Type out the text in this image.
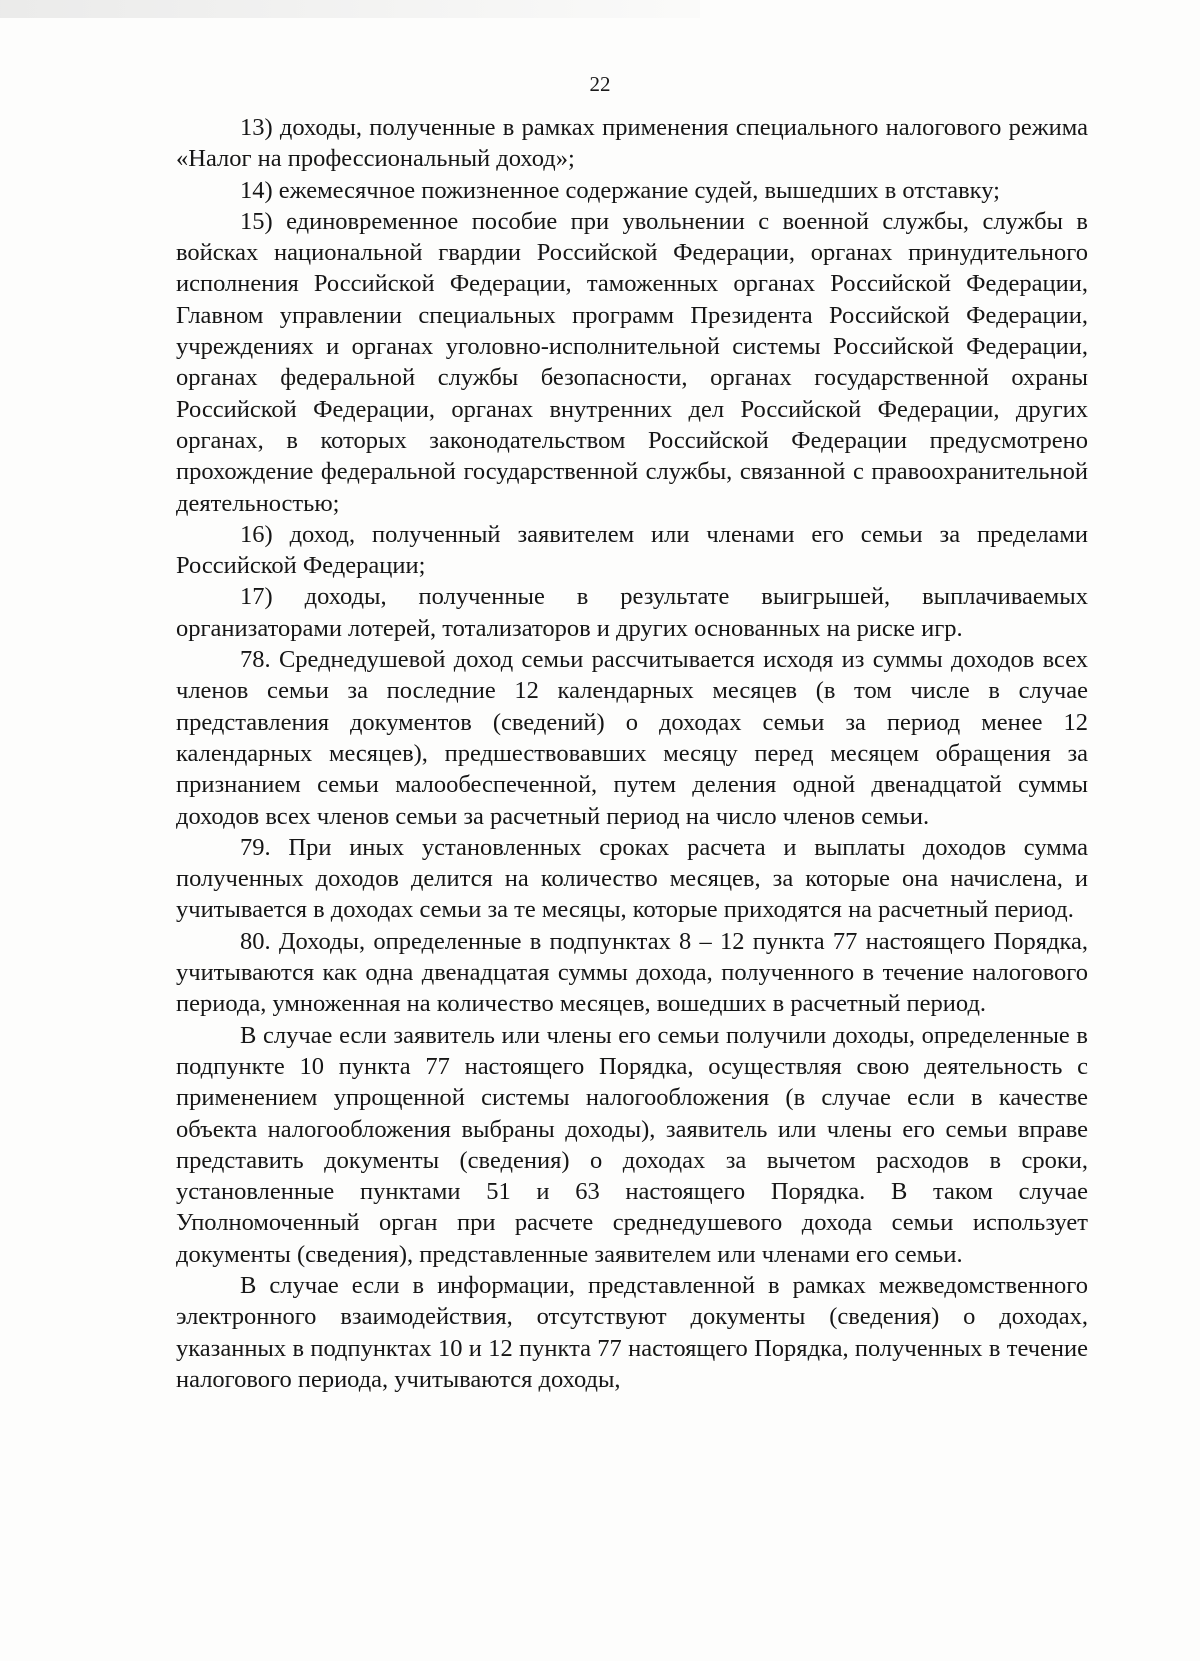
22

13) доходы, полученные в рамках применения специального налогового режима «Налог на профессиональный доход»;

14) ежемесячное пожизненное содержание судей, вышедших в отставку;

15) единовременное пособие при увольнении с военной службы, службы в войсках национальной гвардии Российской Федерации, органах принудительного исполнения Российской Федерации, таможенных органах Российской Федерации, Главном управлении специальных программ Президента Российской Федерации, учреждениях и органах уголовно-исполнительной системы Российской Федерации, органах федеральной службы безопасности, органах государственной охраны Российской Федерации, органах внутренних дел Российской Федерации, других органах, в которых законодательством Российской Федерации предусмотрено прохождение федеральной государственной службы, связанной с правоохранительной деятельностью;

16) доход, полученный заявителем или членами его семьи за пределами Российской Федерации;

17) доходы, полученные в результате выигрышей, выплачиваемых организаторами лотерей, тотализаторов и других основанных на риске игр.

78. Среднедушевой доход семьи рассчитывается исходя из суммы доходов всех членов семьи за последние 12 календарных месяцев (в том числе в случае представления документов (сведений) о доходах семьи за период менее 12 календарных месяцев), предшествовавших месяцу перед месяцем обращения за признанием семьи малообеспеченной, путем деления одной двенадцатой суммы доходов всех членов семьи за расчетный период на число членов семьи.

79. При иных установленных сроках расчета и выплаты доходов сумма полученных доходов делится на количество месяцев, за которые она начислена, и учитывается в доходах семьи за те месяцы, которые приходятся на расчетный период.

80. Доходы, определенные в подпунктах 8 – 12 пункта 77 настоящего Порядка, учитываются как одна двенадцатая суммы дохода, полученного в течение налогового периода, умноженная на количество месяцев, вошедших в расчетный период.

В случае если заявитель или члены его семьи получили доходы, определенные в подпункте 10 пункта 77 настоящего Порядка, осуществляя свою деятельность с применением упрощенной системы налогообложения (в случае если в качестве объекта налогообложения выбраны доходы), заявитель или члены его семьи вправе представить документы (сведения) о доходах за вычетом расходов в сроки, установленные пунктами 51 и 63 настоящего Порядка. В таком случае Уполномоченный орган при расчете среднедушевого дохода семьи использует документы (сведения), представленные заявителем или членами его семьи.

В случае если в информации, представленной в рамках межведомственного электронного взаимодействия, отсутствуют документы (сведения) о доходах, указанных в подпунктах 10 и 12 пункта 77 настоящего Порядка, полученных в течение налогового периода, учитываются доходы,
